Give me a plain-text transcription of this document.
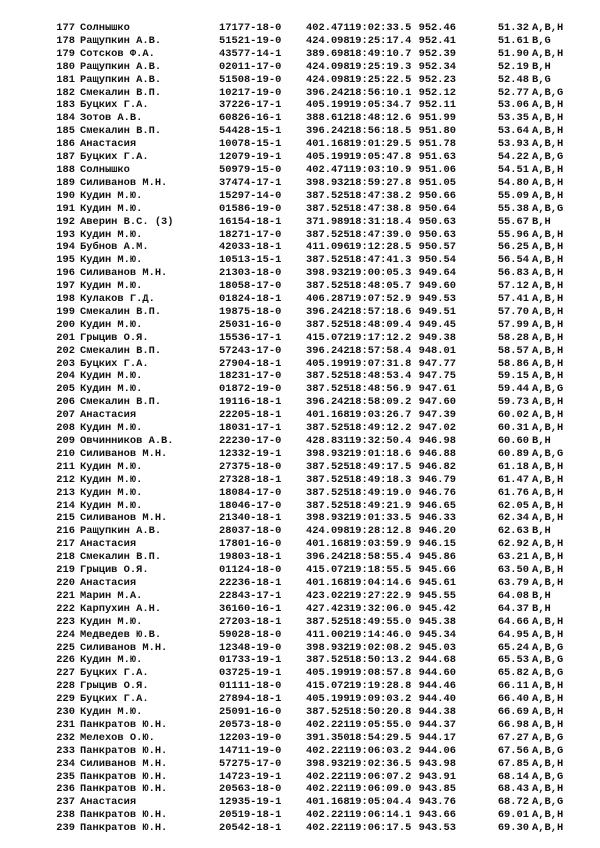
177 Солнышко	17177-18-0 402.471 19:02:33.5 952.46	51.32 A,B,H
178 Ращупкин А.В.	51521-19-0 424.098 19:25:17.4 952.41	51.61 B,G
179 Сотсков Ф.А.	43577-14-1 389.698 18:49:10.7 952.39	51.90 A,B,H
180 Ращупкин А.В.	02011-17-0 424.098 19:25:19.3 952.34	52.19 B,H
181 Ращупкин А.В.	51508-19-0 424.098 19:25:22.5 952.23	52.48 B,G
182 Смекалин В.П.	10217-19-0 396.242 18:56:10.1 952.12	52.77 A,B,G
183 Буцких Г.А.	37226-17-1 405.199 19:05:34.7 952.11	53.06 A,B,H
184 Зотов А.В.	60826-16-1 388.612 18:48:12.6 951.99	53.35 A,B,H
185 Смекалин В.П.	54428-15-1 396.242 18:56:18.5 951.80	53.64 A,B,H
186 Анастасия	10078-15-1 401.168 19:01:29.5 951.78	53.93 A,B,H
187 Буцких Г.А.	12079-19-1 405.199 19:05:47.8 951.63	54.22 A,B,G
188 Солнышко	50979-15-0 402.471 19:03:10.9 951.06	54.51 A,B,H
189 Силиванов М.Н.	37474-17-1 398.932 18:59:27.8 951.05	54.80 A,B,H
190 Кудин М.Ю.	15297-14-0 387.525 18:47:38.2 950.66	55.09 A,B,H
191 Кудин М.Ю.	01586-19-0 387.525 18:47:38.8 950.64	55.38 A,B,G
192 Аверин В.С. (3)	16154-18-1 371.989 18:31:18.4 950.63	55.67 B,H
193 Кудин М.Ю.	18271-17-0 387.525 18:47:39.0 950.63	55.96 A,B,H
194 Бубнов А.М.	42033-18-1 411.096 19:12:28.5 950.57	56.25 A,B,H
195 Кудин М.Ю.	10513-15-1 387.525 18:47:41.3 950.54	56.54 A,B,H
196 Силиванов М.Н.	21303-18-0 398.932 19:00:05.3 949.64	56.83 A,B,H
197 Кудин М.Ю.	18058-17-0 387.525 18:48:05.7 949.60	57.12 A,B,H
198 Кулаков Г.Д.	01824-18-1 406.287 19:07:52.9 949.53	57.41 A,B,H
199 Смекалин В.П.	19875-18-0 396.242 18:57:18.6 949.51	57.70 A,B,H
200 Кудин М.Ю.	25031-16-0 387.525 18:48:09.4 949.45	57.99 A,B,H
201 Грыцив О.Я.	15536-17-1 415.072 19:17:12.2 949.38	58.28 A,B,H
202 Смекалин В.П.	57243-17-0 396.242 18:57:58.4 948.01	58.57 A,B,H
203 Буцких Г.А.	27904-18-1 405.199 19:07:31.8 947.77	58.86 A,B,H
204 Кудин М.Ю.	18231-17-0 387.525 18:48:53.4 947.75	59.15 A,B,H
205 Кудин М.Ю.	01872-19-0 387.525 18:48:56.9 947.61	59.44 A,B,G
206 Смекалин В.П.	19116-18-1 396.242 18:58:09.2 947.60	59.73 A,B,H
207 Анастасия	22205-18-1 401.168 19:03:26.7 947.39	60.02 A,B,H
208 Кудин М.Ю.	18031-17-1 387.525 18:49:12.2 947.02	60.31 A,B,H
209 Овчинников А.В.	22230-17-0 428.831 19:32:50.4 946.98	60.60 B,H
210 Силиванов М.Н.	12332-19-1 398.932 19:01:18.6 946.88	60.89 A,B,G
211 Кудин М.Ю.	27375-18-0 387.525 18:49:17.5 946.82	61.18 A,B,H
212 Кудин М.Ю.	27328-18-1 387.525 18:49:18.3 946.79	61.47 A,B,H
213 Кудин М.Ю.	18084-17-0 387.525 18:49:19.0 946.76	61.76 A,B,H
214 Кудин М.Ю.	18046-17-0 387.525 18:49:21.9 946.65	62.05 A,B,H
215 Силиванов М.Н.	21340-18-1 398.932 19:01:33.5 946.33	62.34 A,B,H
216 Ращупкин А.В.	28037-18-0 424.098 19:28:12.8 946.20	62.63 B,H
217 Анастасия	17801-16-0 401.168 19:03:59.9 946.15	62.92 A,B,H
218 Смекалин В.П.	19803-18-1 396.242 18:58:55.4 945.86	63.21 A,B,H
219 Грыцив О.Я.	01124-18-0 415.072 19:18:55.5 945.66	63.50 A,B,H
220 Анастасия	22236-18-1 401.168 19:04:14.6 945.61	63.79 A,B,H
221 Марин М.А.	22843-17-1 423.022 19:27:22.9 945.55	64.08 B,H
222 Карпухин А.Н.	36160-16-1 427.423 19:32:06.0 945.42	64.37 B,H
223 Кудин М.Ю.	27203-18-1 387.525 18:49:55.0 945.38	64.66 A,B,H
224 Медведев Ю.В.	59028-18-0 411.002 19:14:46.0 945.34	64.95 A,B,H
225 Силиванов М.Н.	12348-19-0 398.932 19:02:08.2 945.03	65.24 A,B,G
226 Кудин М.Ю.	01733-19-1 387.525 18:50:13.2 944.68	65.53 A,B,G
227 Буцких Г.А.	03725-19-1 405.199 19:08:57.8 944.60	65.82 A,B,G
228 Грыцив О.Я.	01111-18-0 415.072 19:19:28.8 944.46	66.11 A,B,H
229 Буцких Г.А.	27894-18-1 405.199 19:09:03.2 944.40	66.40 A,B,H
230 Кудин М.Ю.	25091-16-0 387.525 18:50:20.8 944.38	66.69 A,B,H
231 Панкратов Ю.Н.	20573-18-0 402.221 19:05:55.0 944.37	66.98 A,B,H
232 Мелехов О.Ю.	12203-19-0 391.350 18:54:29.5 944.17	67.27 A,B,G
233 Панкратов Ю.Н.	14711-19-0 402.221 19:06:03.2 944.06	67.56 A,B,G
234 Силиванов М.Н.	57275-17-0 398.932 19:02:36.5 943.98	67.85 A,B,H
235 Панкратов Ю.Н.	14723-19-1 402.221 19:06:07.2 943.91	68.14 A,B,G
236 Панкратов Ю.Н.	20563-18-0 402.221 19:06:09.0 943.85	68.43 A,B,H
237 Анастасия	12935-19-1 401.168 19:05:04.4 943.76	68.72 A,B,G
238 Панкратов Ю.Н.	20519-18-1 402.221 19:06:14.1 943.66	69.01 A,B,H
239 Панкратов Ю.Н.	20542-18-1 402.221 19:06:17.5 943.53	69.30 A,B,H
